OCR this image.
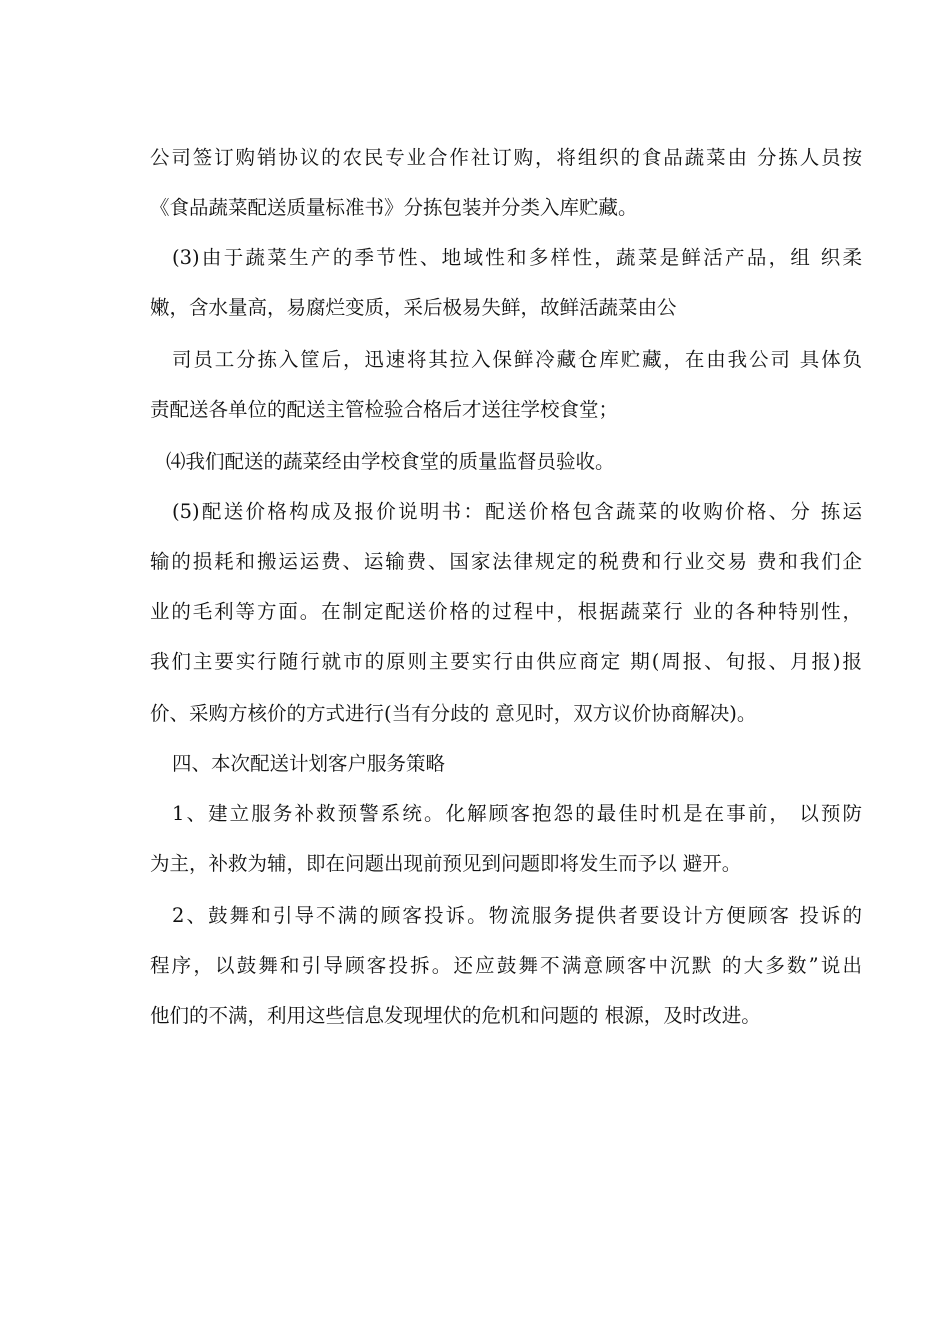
公司签订购销协议的农民专业合作社订购，将组织的食品蔬菜由 分拣人员按
《食品蔬菜配送质量标准书》分拣包装并分类入库贮藏。
(3)由于蔬菜生产的季节性、地域性和多样性，蔬菜是鲜活产品，组 织柔
嫩，含水量高，易腐烂变质，采后极易失鲜，故鲜活蔬菜由公
司员工分拣入筐后，迅速将其拉入保鲜冷藏仓库贮藏，在由我公司 具体负
责配送各单位的配送主管检验合格后才送往学校食堂；
⑷我们配送的蔬菜经由学校食堂的质量监督员验收。
(5)配送价格构成及报价说明书：配送价格包含蔬菜的收购价格、分 拣运
输的损耗和搬运运费、运输费、国家法律规定的税费和行业交易 费和我们企
业的毛利等方面。在制定配送价格的过程中，根据蔬菜行 业的各种特别性，
我们主要实行随行就市的原则主要实行由供应商定 期(周报、旬报、月报)报
价、采购方核价的方式进行(当有分歧的 意见时，双方议价协商解决)。
四、本次配送计划客户服务策略
1、建立服务补救预警系统。化解顾客抱怨的最佳时机是在事前， 以预防
为主，补救为辅，即在问题出现前预见到问题即将发生而予以 避开。
2、鼓舞和引导不满的顾客投诉。物流服务提供者要设计方便顾客 投诉的
程序，以鼓舞和引导顾客投拆。还应鼓舞不满意顾客中沉默 的大多数”说出
他们的不满，利用这些信息发现埋伏的危机和问题的 根源，及时改进。
